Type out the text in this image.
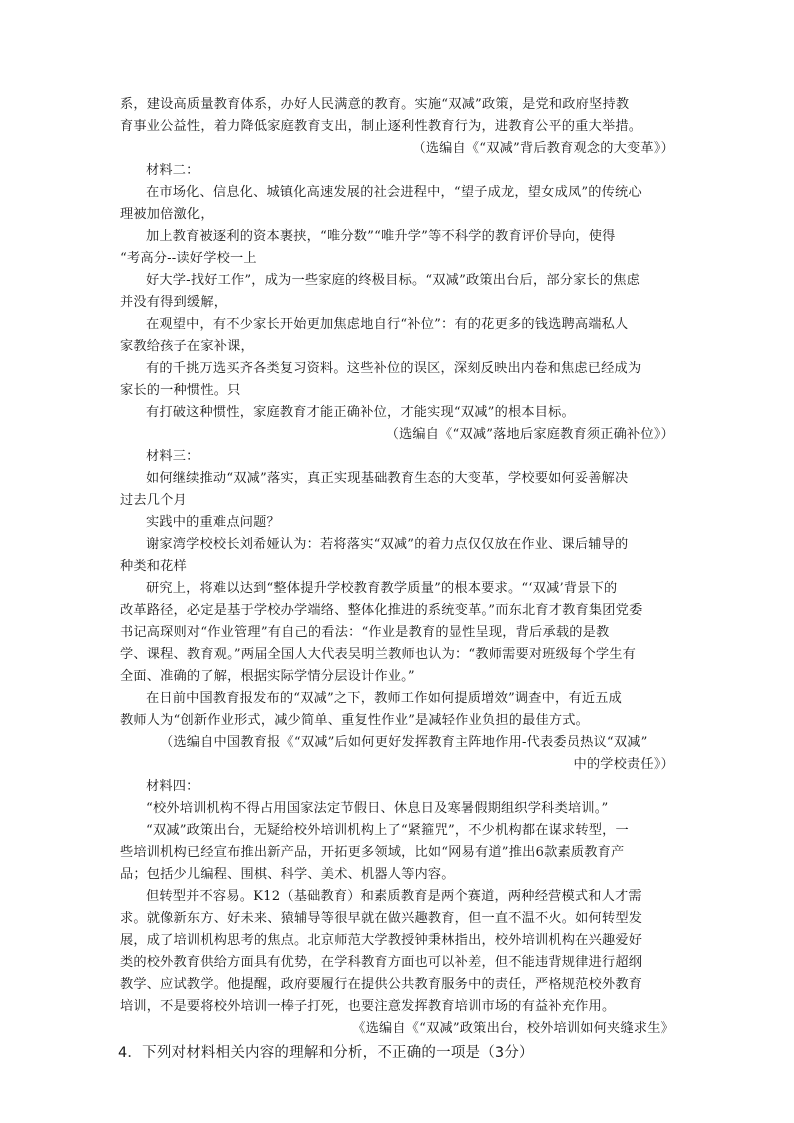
系，建设高质量教育体系，办好人民满意的教育。实施“双减”政策，是党和政府坚持教
育事业公益性，着力降低家庭教育支出，制止逐利性教育行为，进教育公平的重大举措。
（选编自《“双减”背后教育观念的大变革》）
材料二：
在市场化、信息化、城镇化高速发展的社会进程中，“望子成龙，望女成凤”的传统心
理被加倍激化，
加上教育被逐利的资本裹挟，“唯分数”“唯升学”等不科学的教育评价导向，使得
“考高分--读好学校一上
好大学-找好工作”，成为一些家庭的终极目标。“双减”政策出台后，部分家长的焦虑
并没有得到缓解，
在观望中，有不少家长开始更加焦虑地自行“补位”：有的花更多的钱选聘高端私人
家教给孩子在家补课，
有的千挑万选买齐各类复习资料。这些补位的误区，深刻反映出内卷和焦虑已经成为
家长的一种惯性。只
有打破这种惯性，家庭教育才能正确补位，才能实现“双减”的根本目标。
（选编自《“双减”落地后家庭教育须正确补位》）
材料三：
如何继续推动“双减”落实，真正实现基础教育生态的大变革，学校要如何妥善解决
过去几个月
实践中的重难点问题？
谢家湾学校校长刘希娅认为：若将落实“双减”的着力点仅仅放在作业、课后辅导的
种类和花样
研究上，将难以达到“整体提升学校教育教学质量”的根本要求。“‘双减’背景下的
改革路径，必定是基于学校办学端络、整体化推进的系统变革。”而东北育才教育集团党委
书记高琛则对“作业管理”有自己的看法：“作业是教育的显性呈现，背后承载的是教
学、课程、教育观。”两届全国人大代表吴明兰教师也认为：“教师需要对班级每个学生有
全面、准确的了解，根据实际学情分层设计作业。”
在日前中国教育报发布的“双减”之下，教师工作如何提质增效”调查中，有近五成
教师人为“创新作业形式，减少简单、重复性作业”是减轻作业负担的最佳方式。
（选编自中国教育报《“双减”后如何更好发挥教育主阵地作用-代表委员热议“双减”
中的学校责任》）
材料四：
“校外培训机构不得占用国家法定节假日、休息日及寒暑假期组织学科类培训。”
“双减”政策出台，无疑给校外培训机构上了“紧箍咒”，不少机构都在谋求转型，一
些培训机构已经宣布推出新产品，开拓更多领域，比如“网易有道”推出6款素质教育产
品；包括少儿编程、围棋、科学、美术、机器人等内容。
但转型并不容易。K12（基础教育）和素质教育是两个赛道，两种经营模式和人才需
求。就像新东方、好未来、猿辅导等很早就在做兴趣教育，但一直不温不火。如何转型发
展，成了培训机构思考的焦点。北京师范大学教授钟秉林指出，校外培训机构在兴趣爱好
类的校外教育供给方面具有优势，在学科教育方面也可以补差，但不能违背规律进行超纲
教学、应试教学。他提醒，政府要履行在提供公共教育服务中的责任，严格规范校外教育
培训，不是要将校外培训一棒子打死，也要注意发挥教育培训市场的有益补充作用。
《选编自《“双减”政策出台，校外培训如何夹缝求生》
4．下列对材料相关内容的理解和分析，不正确的一项是（3分）
